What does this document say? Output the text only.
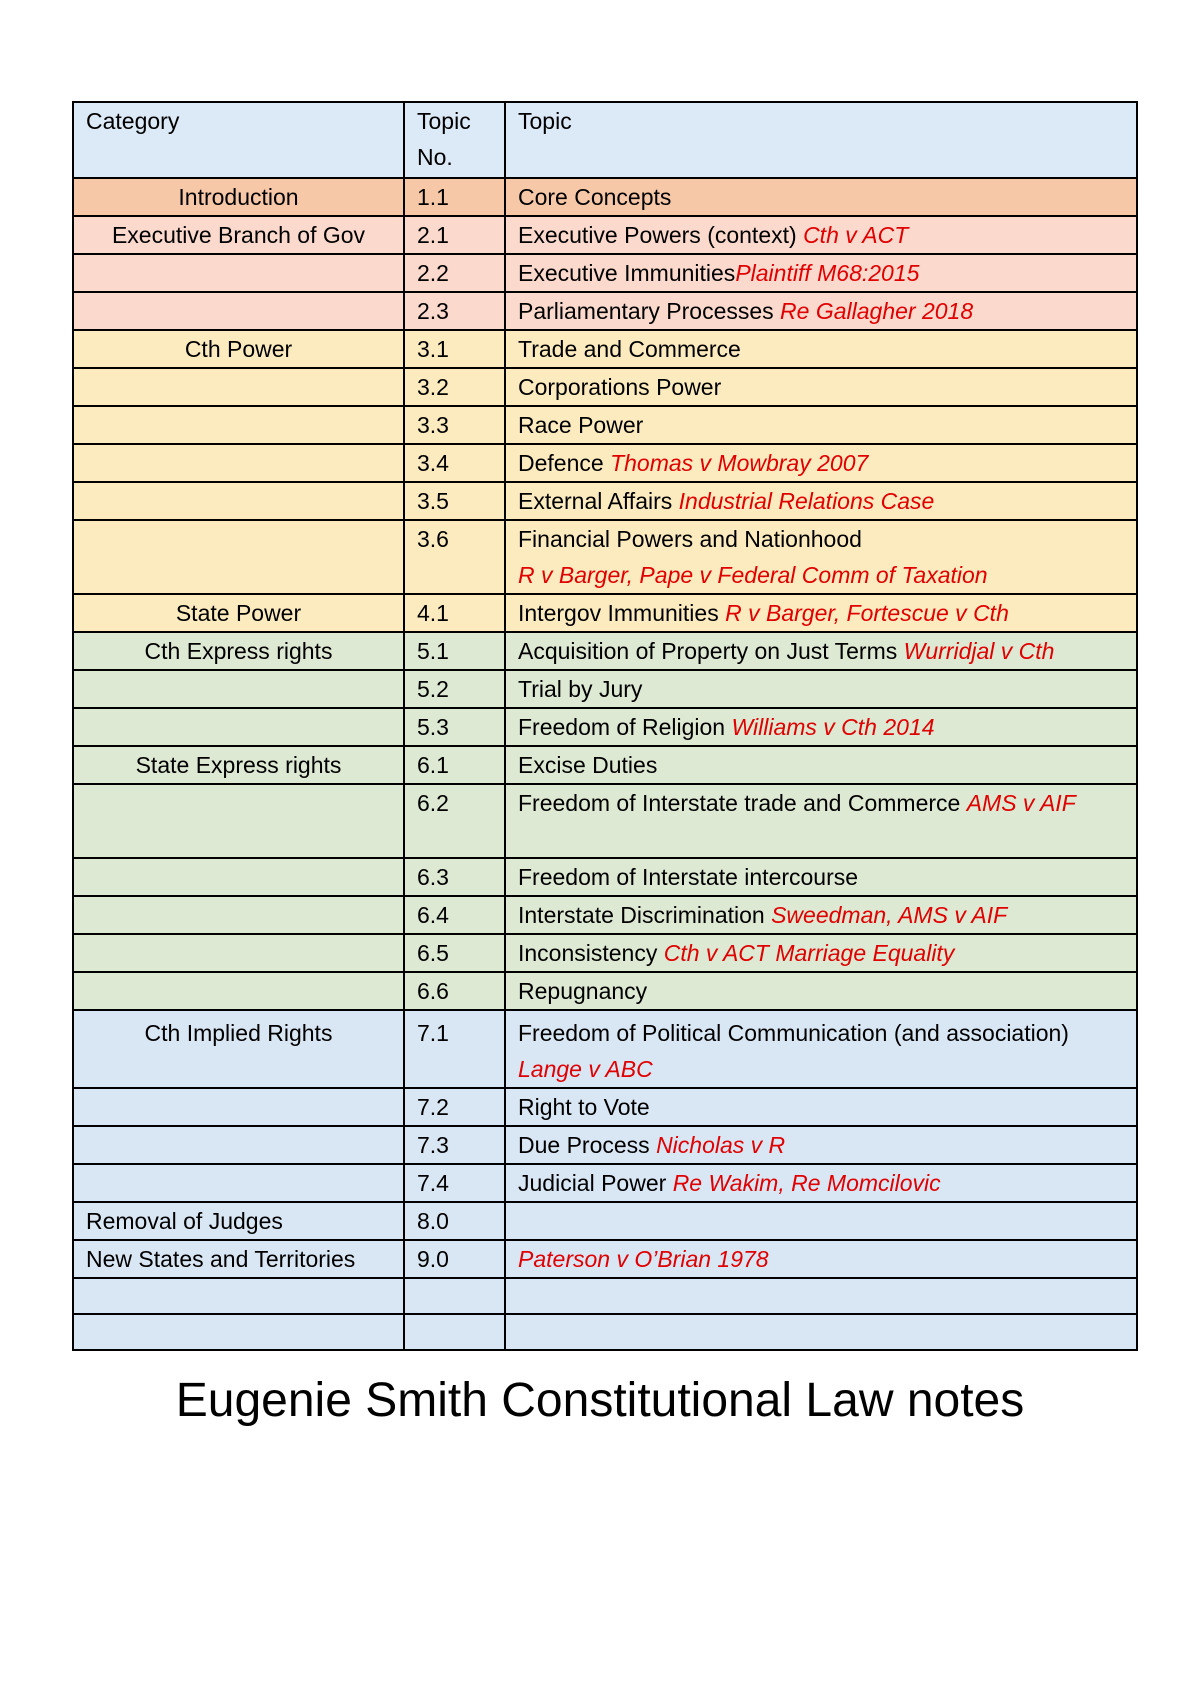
Category	Topic No.	Topic
Introduction	1.1	Core Concepts
Executive Branch of Gov	2.1	Executive Powers (context) Cth v ACT
	2.2	Executive ImmunitiesPlaintiff M68:2015
	2.3	Parliamentary Processes Re Gallagher 2018
Cth Power	3.1	Trade and Commerce
	3.2	Corporations Power
	3.3	Race Power
	3.4	Defence Thomas v Mowbray 2007
	3.5	External Affairs Industrial Relations Case
	3.6	Financial Powers and Nationhood
R v Barger, Pape v Federal Comm of Taxation
State Power	4.1	Intergov Immunities R v Barger, Fortescue v Cth
Cth Express rights	5.1	Acquisition of Property on Just Terms Wurridjal v Cth
	5.2	Trial by Jury
	5.3	Freedom of Religion Williams v Cth 2014
State Express rights	6.1	Excise Duties
	6.2	Freedom of Interstate trade and Commerce AMS v AIF
	6.3	Freedom of Interstate intercourse
	6.4	Interstate Discrimination Sweedman, AMS v AIF
	6.5	Inconsistency Cth v ACT Marriage Equality
	6.6	Repugnancy
Cth Implied Rights	7.1	Freedom of Political Communication (and association) Lange v ABC
	7.2	Right to Vote
	7.3	Due Process Nicholas v R
	7.4	Judicial Power Re Wakim, Re Momcilovic
Removal of Judges	8.0	
New States and Territories	9.0	Paterson v O’Brian 1978

Eugenie Smith Constitutional Law notes
